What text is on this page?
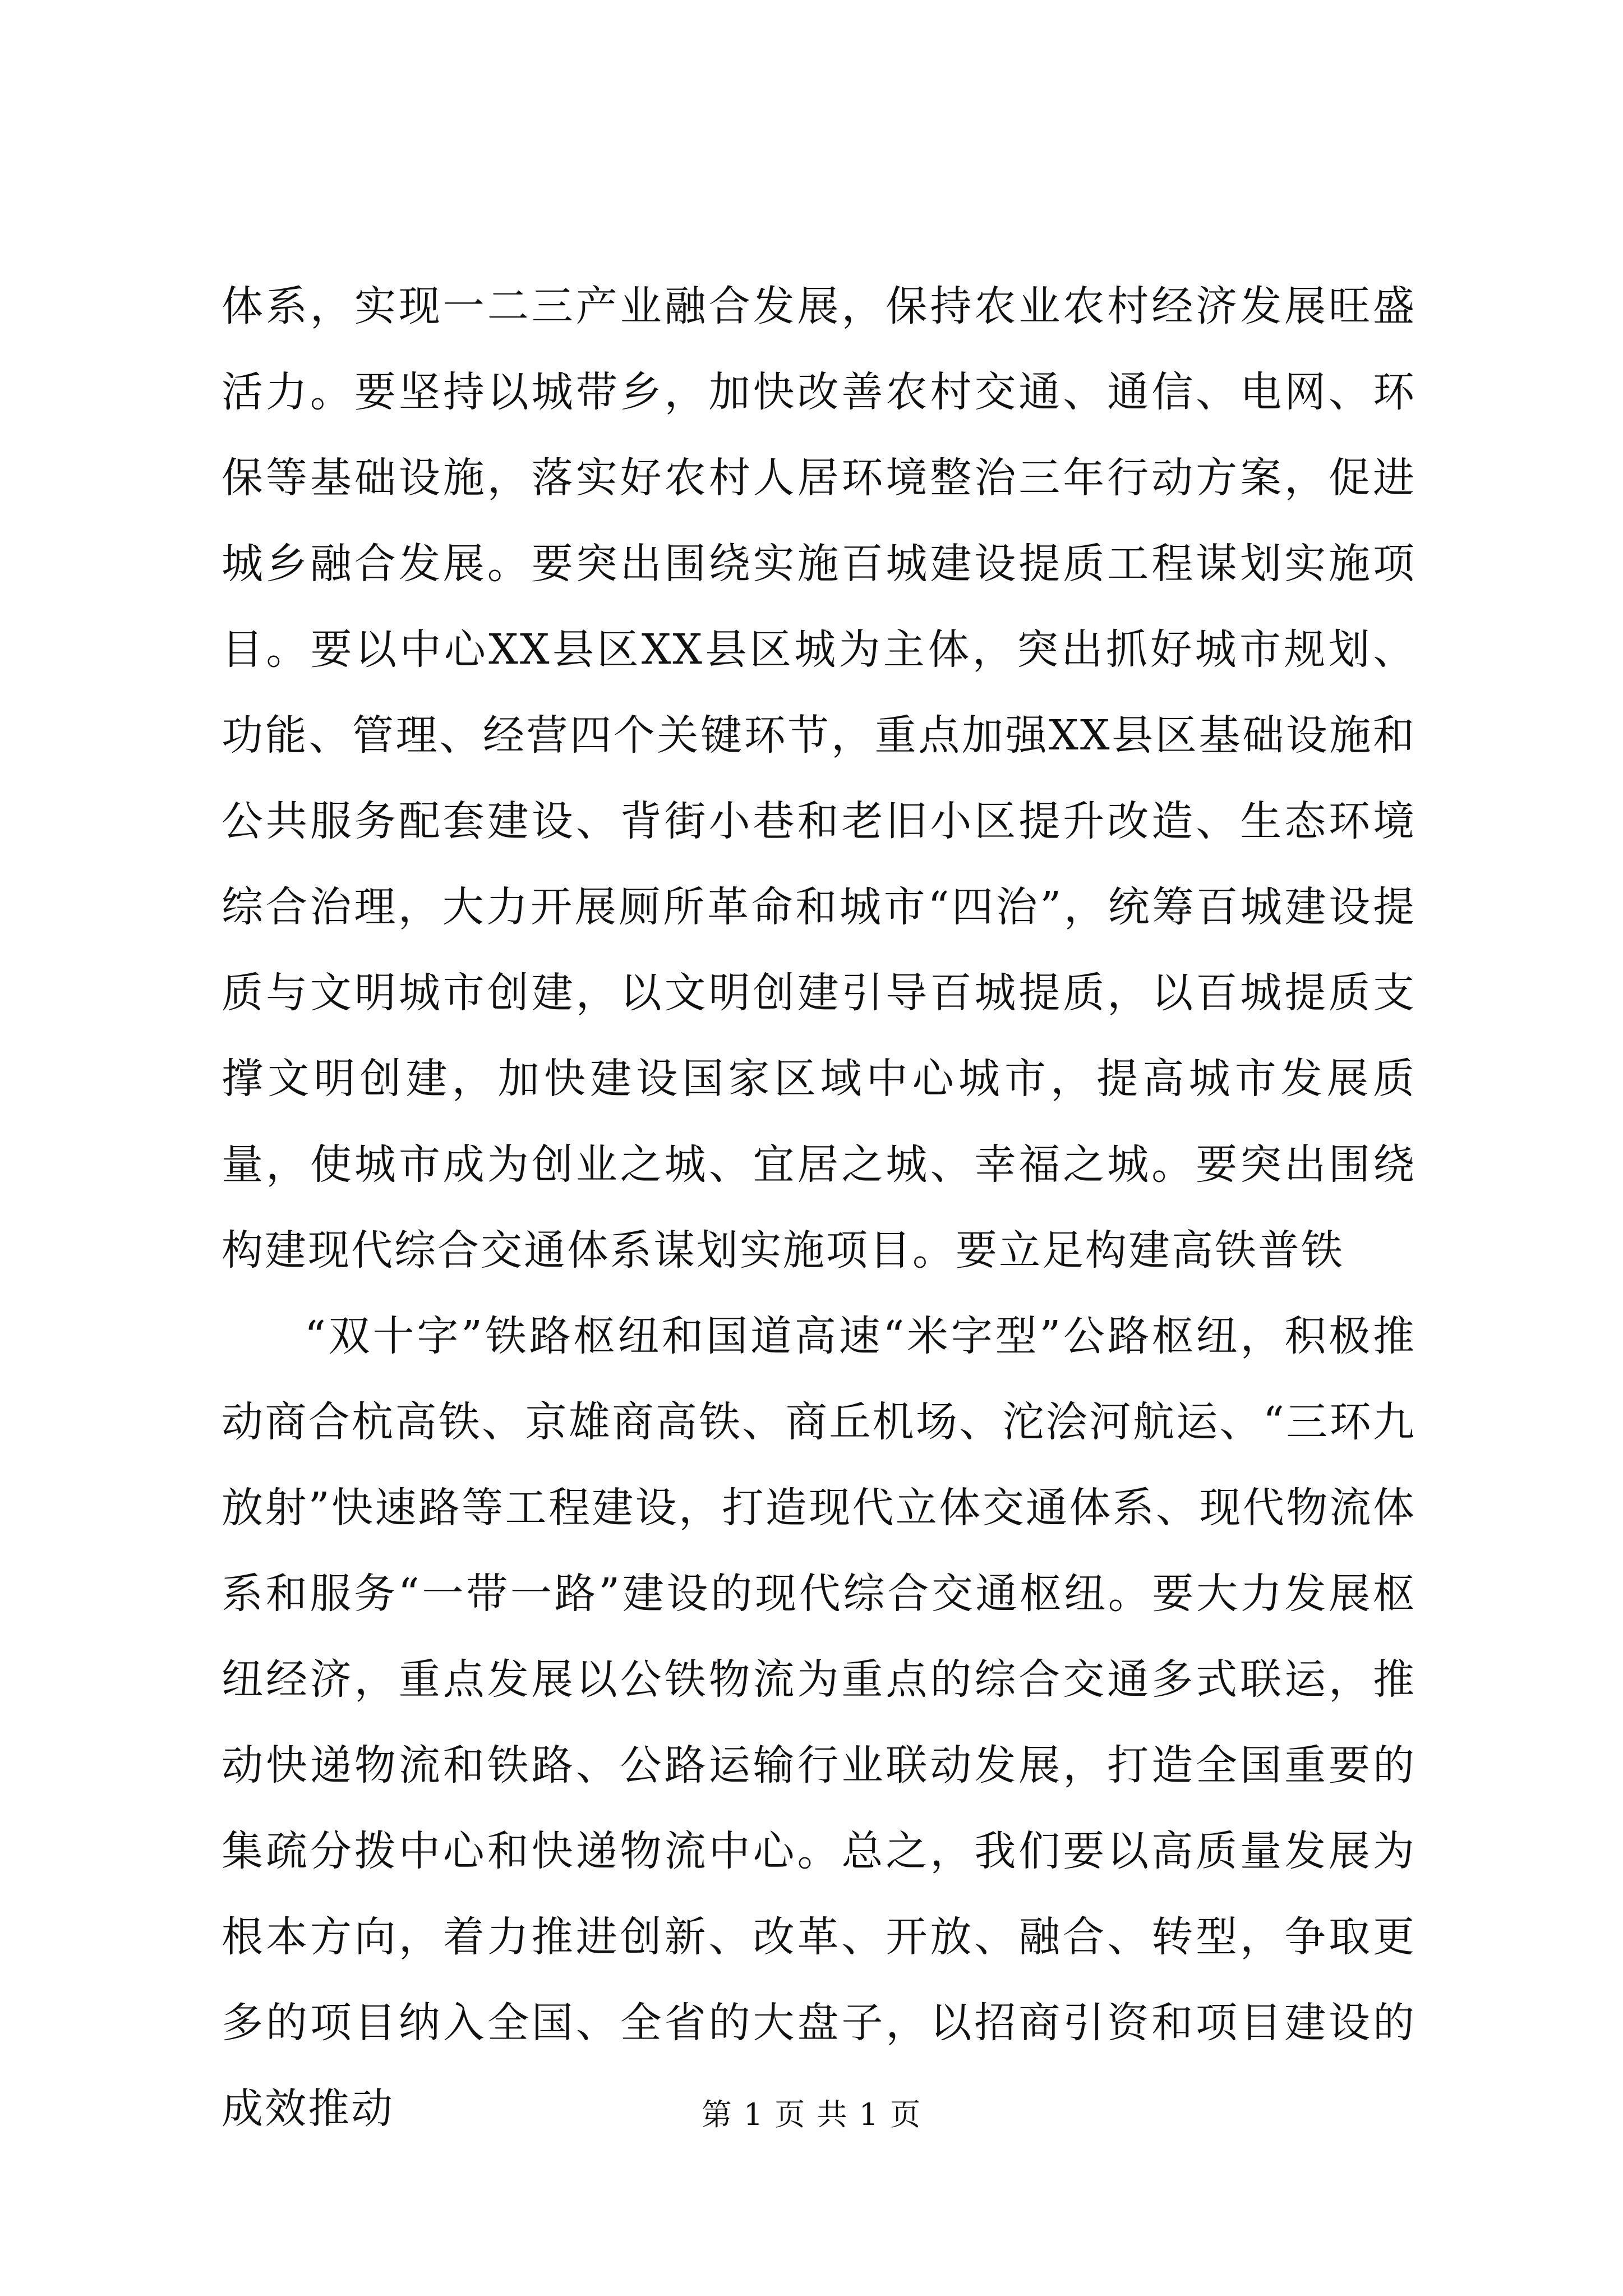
体系，实现一二三产业融合发展，保持农业农村经济发展旺盛活力。要坚持以城带乡，加快改善农村交通、通信、电网、环保等基础设施，落实好农村人居环境整治三年行动方案，促进城乡融合发展。要突出围绕实施百城建设提质工程谋划实施项目。要以中心XX县区XX县区城为主体，突出抓好城市规划、功能、管理、经营四个关键环节，重点加强XX县区基础设施和公共服务配套建设、背街小巷和老旧小区提升改造、生态环境综合治理，大力开展厕所革命和城市“四治”，统筹百城建设提质与文明城市创建，以文明创建引导百城提质，以百城提质支撑文明创建，加快建设国家区域中心城市，提高城市发展质量，使城市成为创业之城、宜居之城、幸福之城。要突出围绕构建现代综合交通体系谋划实施项目。要立足构建高铁普铁

“双十字”铁路枢纽和国道高速“米字型”公路枢纽，积极推动商合杭高铁、京雄商高铁、商丘机场、沱浍河航运、“三环九放射”快速路等工程建设，打造现代立体交通体系、现代物流体系和服务“一带一路”建设的现代综合交通枢纽。要大力发展枢纽经济，重点发展以公铁物流为重点的综合交通多式联运，推动快递物流和铁路、公路运输行业联动发展，打造全国重要的集疏分拨中心和快递物流中心。总之，我们要以高质量发展为根本方向，着力推进创新、改革、开放、融合、转型，争取更多的项目纳入全国、全省的大盘子，以招商引资和项目建设的成效推动	第 1 页 共 1 页
